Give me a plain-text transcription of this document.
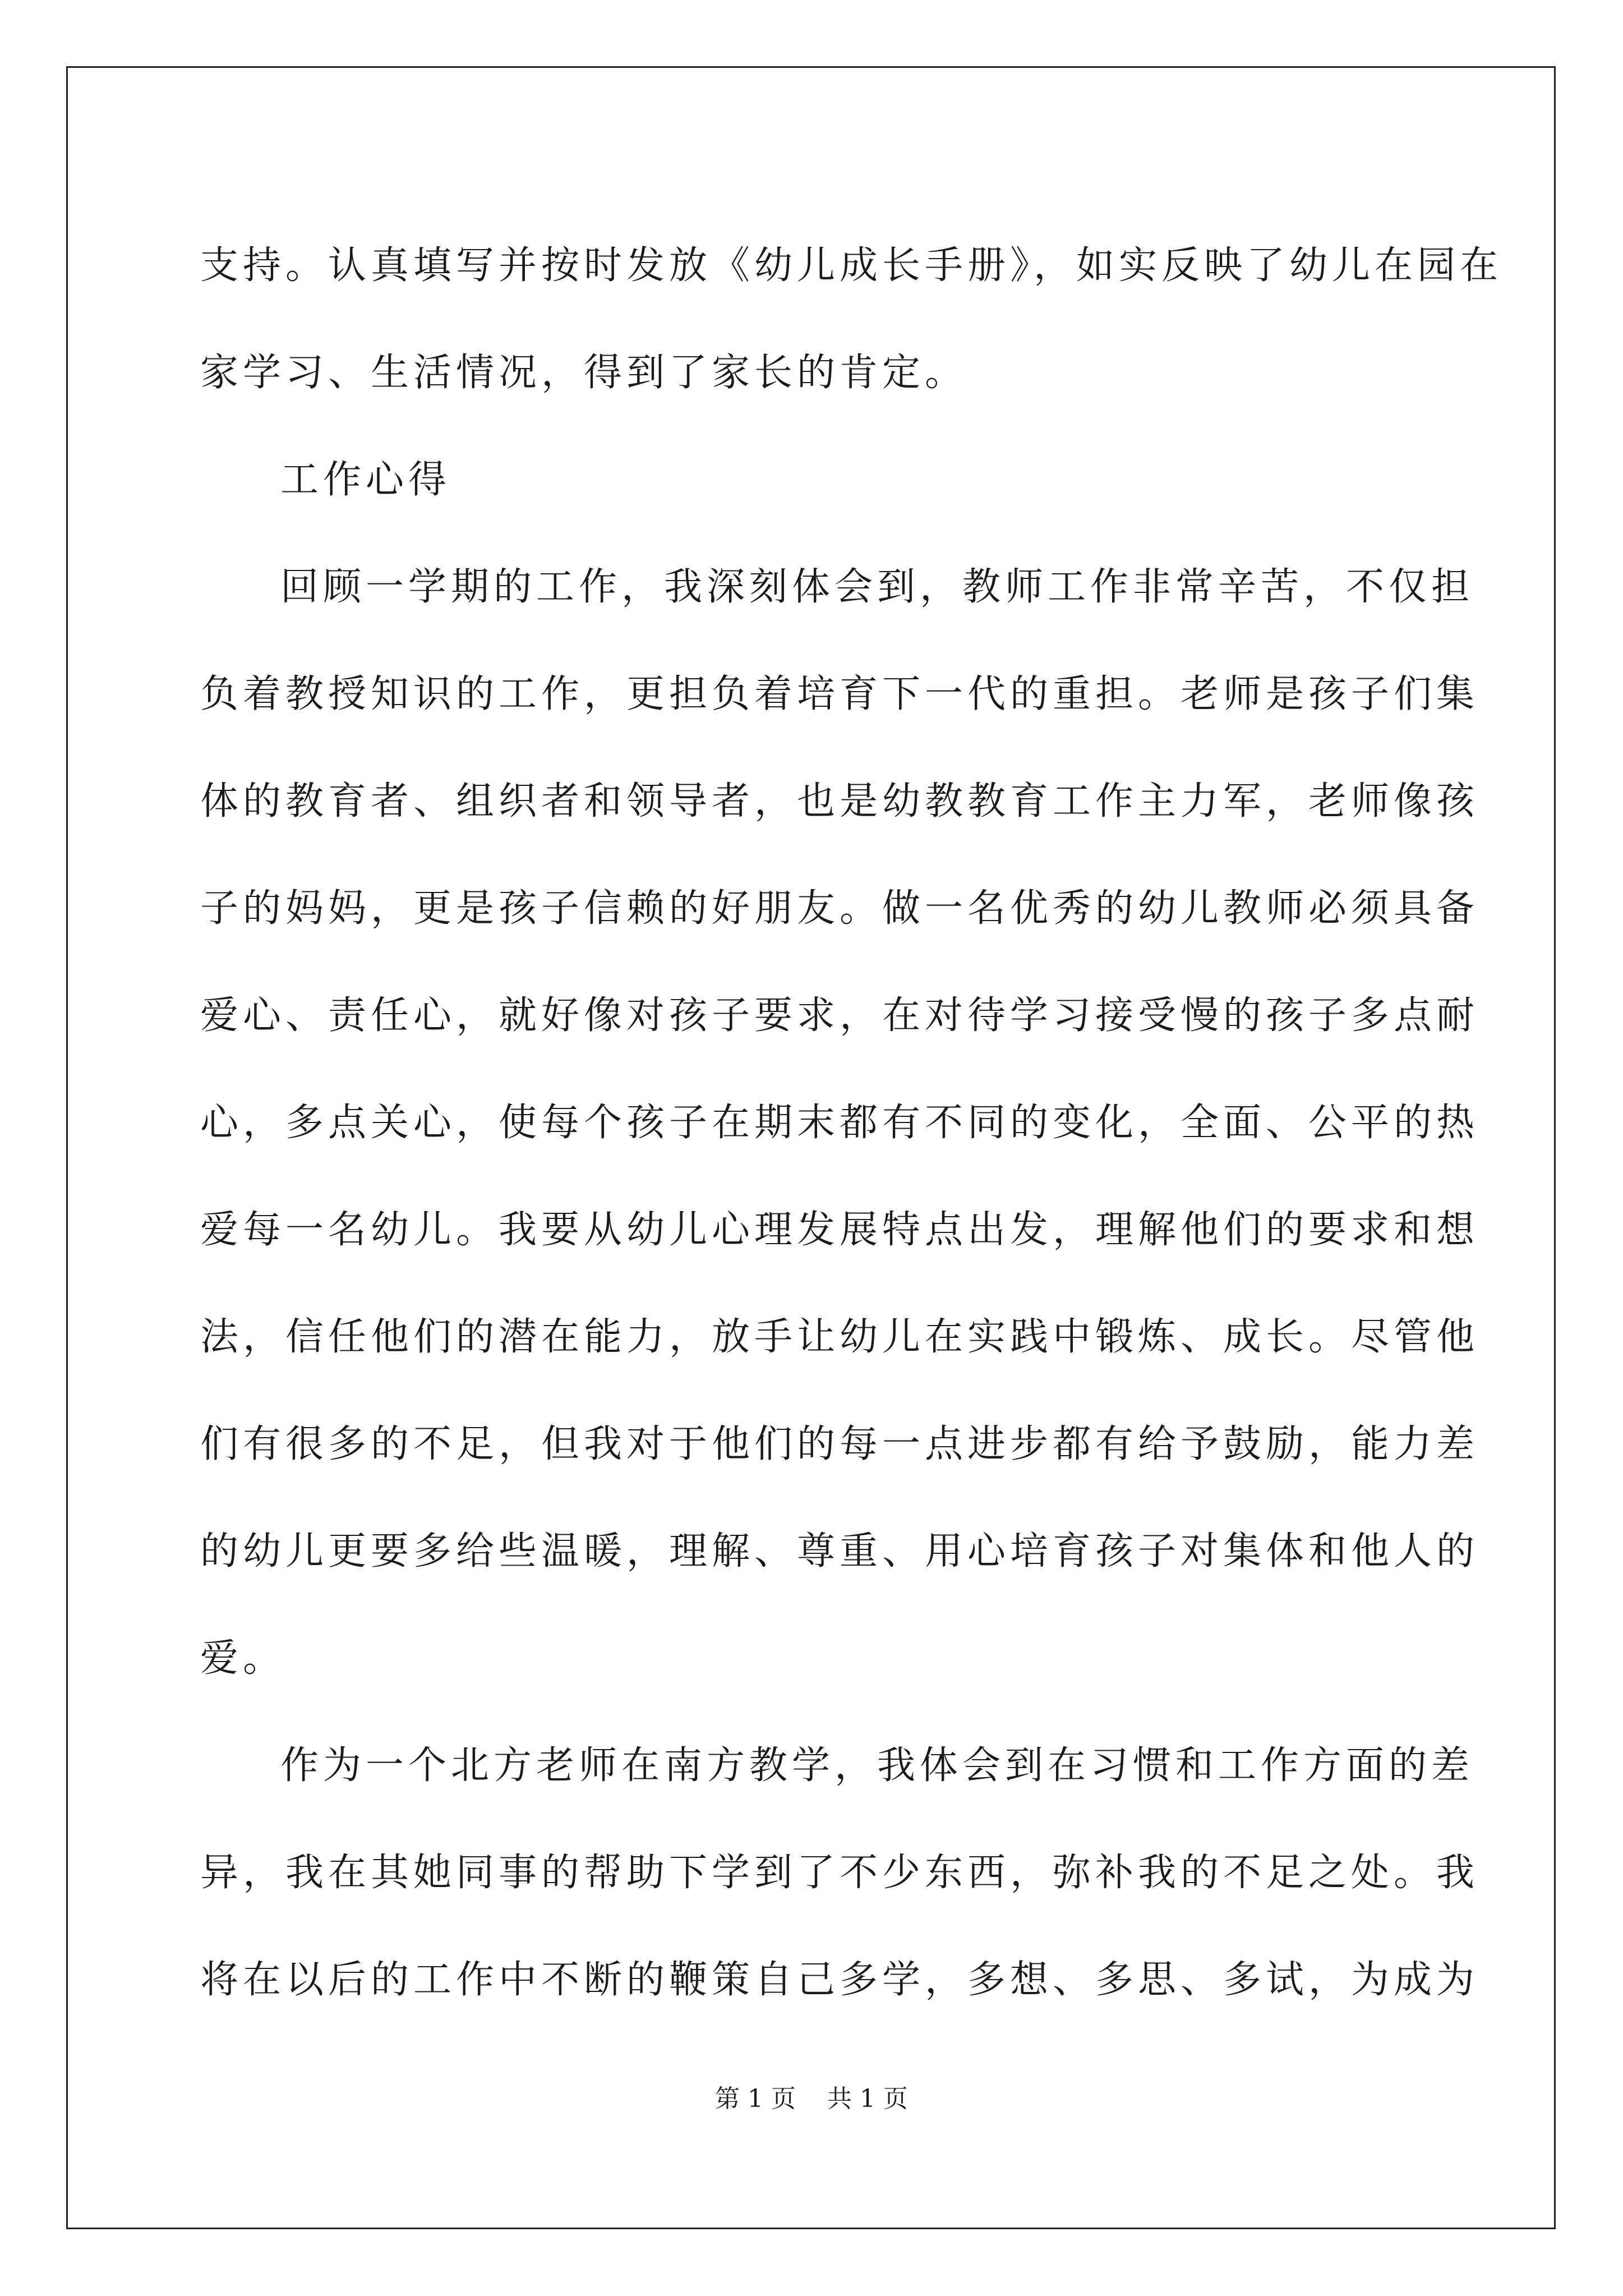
支持。认真填写并按时发放《幼儿成长手册》，如实反映了幼儿在园在
家学习、生活情况，得到了家长的肯定。
工作心得
回顾一学期的工作，我深刻体会到，教师工作非常辛苦，不仅担
负着教授知识的工作，更担负着培育下一代的重担。老师是孩子们集
体的教育者、组织者和领导者，也是幼教教育工作主力军，老师像孩
子的妈妈，更是孩子信赖的好朋友。做一名优秀的幼儿教师必须具备
爱心、责任心，就好像对孩子要求，在对待学习接受慢的孩子多点耐
心，多点关心，使每个孩子在期末都有不同的变化，全面、公平的热
爱每一名幼儿。我要从幼儿心理发展特点出发，理解他们的要求和想
法，信任他们的潜在能力，放手让幼儿在实践中锻炼、成长。尽管他
们有很多的不足，但我对于他们的每一点进步都有给予鼓励，能力差
的幼儿更要多给些温暖，理解、尊重、用心培育孩子对集体和他人的
爱。
作为一个北方老师在南方教学，我体会到在习惯和工作方面的差
异，我在其她同事的帮助下学到了不少东西，弥补我的不足之处。我
将在以后的工作中不断的鞭策自己多学，多想、多思、多试，为成为
第 1 页 共 1 页
